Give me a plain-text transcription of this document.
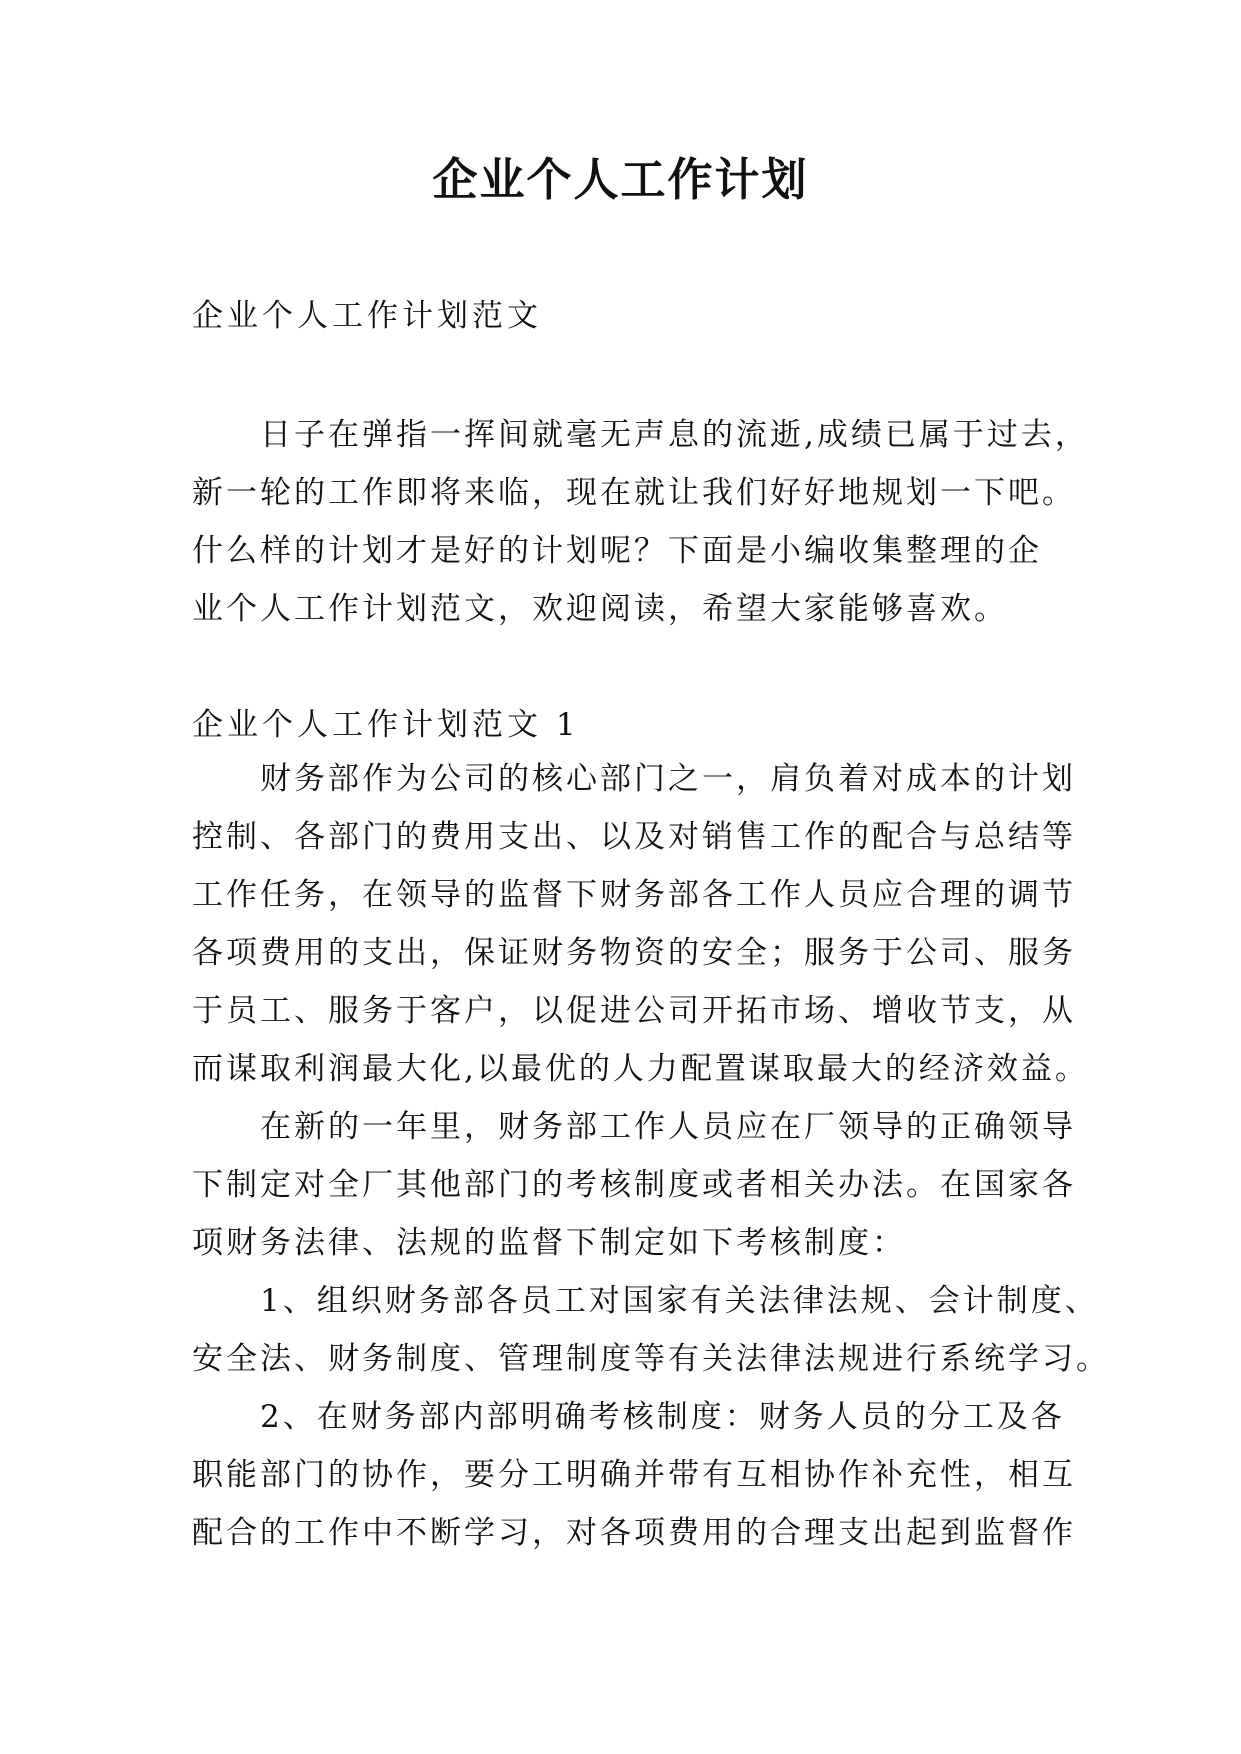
企业个人工作计划

企业个人工作计划范文

　　日子在弹指一挥间就毫无声息的流逝,成绩已属于过去，
新一轮的工作即将来临，现在就让我们好好地规划一下吧。
什么样的计划才是好的计划呢？下面是小编收集整理的企
业个人工作计划范文，欢迎阅读，希望大家能够喜欢。

企业个人工作计划范文 1

　　财务部作为公司的核心部门之一，肩负着对成本的计划
控制、各部门的费用支出、以及对销售工作的配合与总结等
工作任务，在领导的监督下财务部各工作人员应合理的调节
各项费用的支出，保证财务物资的安全；服务于公司、服务
于员工、服务于客户，以促进公司开拓市场、增收节支，从
而谋取利润最大化,以最优的人力配置谋取最大的经济效益。
　　在新的一年里，财务部工作人员应在厂领导的正确领导
下制定对全厂其他部门的考核制度或者相关办法。在国家各
项财务法律、法规的监督下制定如下考核制度：
　　1、组织财务部各员工对国家有关法律法规、会计制度、
安全法、财务制度、管理制度等有关法律法规进行系统学习。
　　2、在财务部内部明确考核制度：财务人员的分工及各
职能部门的协作，要分工明确并带有互相协作补充性，相互
配合的工作中不断学习，对各项费用的合理支出起到监督作
